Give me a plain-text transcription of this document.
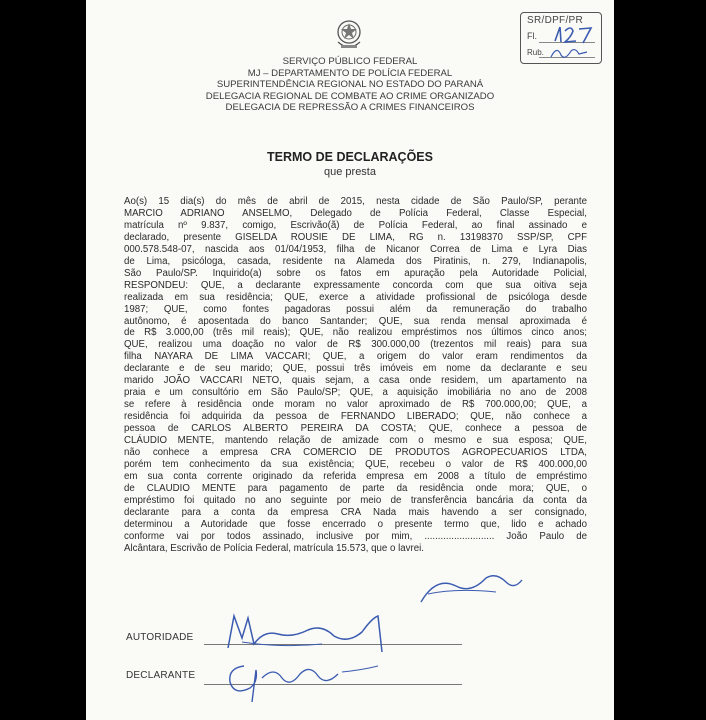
SR/DPF/PR
Fl.
Rub.
SERVIÇO PÚBLICO FEDERAL
MJ – DEPARTAMENTO DE POLÍCIA FEDERAL
SUPERINTENDÊNCIA REGIONAL NO ESTADO DO PARANÁ
DELEGACIA REGIONAL DE COMBATE AO CRIME ORGANIZADO
DELEGACIA DE REPRESSÃO A CRIMES FINANCEIROS
TERMO DE DECLARAÇÕES
que presta
Ao(s) 15 dia(s) do mês de abril de 2015, nesta cidade de São Paulo/SP, perante
MARCIO ADRIANO ANSELMO, Delegado de Polícia Federal, Classe Especial,
matrícula nº 9.837, comigo, Escrivão(ã) de Polícia Federal, ao final assinado e
declarado, presente GISELDA ROUSIE DE LIMA, RG n. 13198370 SSP/SP, CPF
000.578.548-07, nascida aos 01/04/1953, filha de Nicanor Correa de Lima e Lyra Dias
de Lima, psicóloga, casada, residente na Alameda dos Piratinis, n. 279, Indianapolis,
São Paulo/SP. Inquirido(a) sobre os fatos em apuração pela Autoridade Policial,
RESPONDEU: QUE, a declarante expressamente concorda com que sua oitiva seja
realizada em sua residência; QUE, exerce a atividade profissional de psicóloga desde
1987; QUE, como fontes pagadoras possui além da remuneração do trabalho
autônomo, é aposentada do banco Santander; QUE, sua renda mensal aproximada é
de R$ 3.000,00 (três mil reais); QUE, não realizou empréstimos nos últimos cinco anos;
QUE, realizou uma doação no valor de R$ 300.000,00 (trezentos mil reais) para sua
filha NAYARA DE LIMA VACCARI; QUE, a origem do valor eram rendimentos da
declarante e de seu marido; QUE, possui três imóveis em nome da declarante e seu
marido JOÃO VACCARI NETO, quais sejam, a casa onde residem, um apartamento na
praia e um consultório em São Paulo/SP; QUE, a aquisição imobiliária no ano de 2008
se refere à residência onde moram no valor aproximado de R$ 700.000,00; QUE, a
residência foi adquirida da pessoa de FERNANDO LIBERADO; QUE, não conhece a
pessoa de CARLOS ALBERTO PEREIRA DA COSTA; QUE, conhece a pessoa de
CLÁUDIO MENTE, mantendo relação de amizade com o mesmo e sua esposa; QUE,
não conhece a empresa CRA COMERCIO DE PRODUTOS AGROPECUARIOS LTDA,
porém tem conhecimento da sua existência; QUE, recebeu o valor de R$ 400.000,00
em sua conta corrente originado da referida empresa em 2008 a título de empréstimo
de CLAUDIO MENTE para pagamento de parte da residência onde mora; QUE, o
empréstimo foi quitado no ano seguinte por meio de transferência bancária da conta da
declarante para a conta da empresa CRA Nada mais havendo a ser consignado,
determinou a Autoridade que fosse encerrado o presente termo que, lido e achado
conforme vai por todos assinado, inclusive por mim, .......................... João Paulo de
Alcântara, Escrivão de Polícia Federal, matrícula 15.573, que o lavrei.
AUTORIDADE
DECLARANTE
